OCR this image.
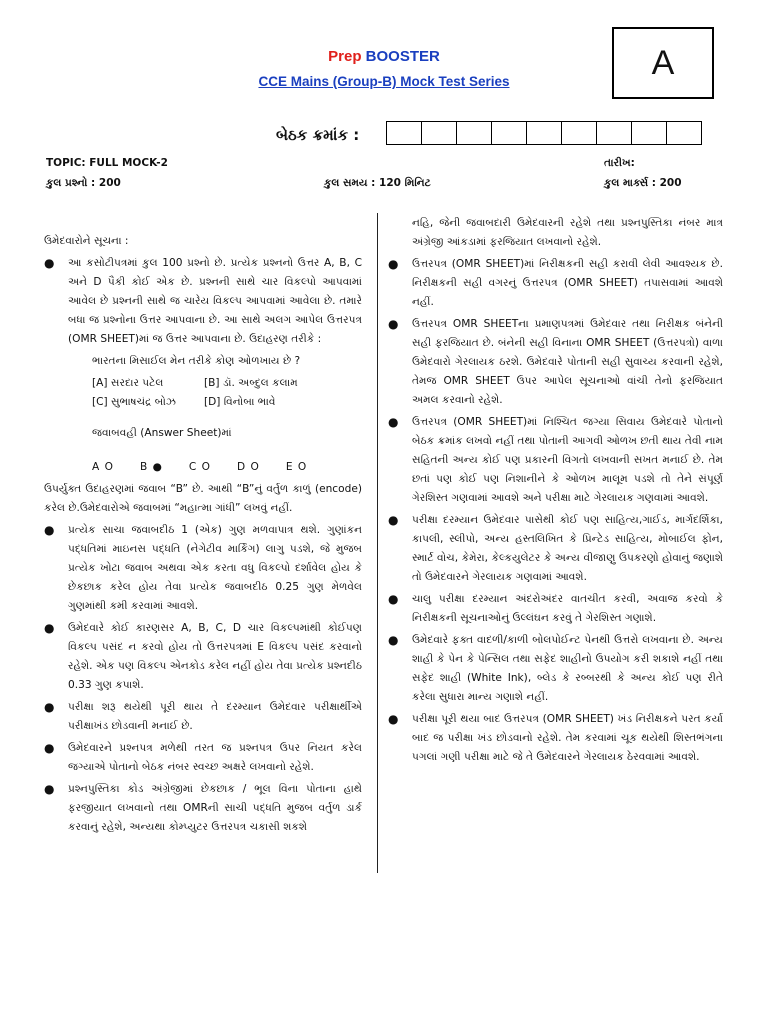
Prep BOOSTER
CCE Mains (Group-B) Mock Test Series	A
બેઠક ક્રમાંક :
TOPIC: FULL MOCK-2	તારીખ:
કુલ પ્રશ્નો : 200	કુલ સમય : 120 મિનિટ	કુલ માર્ક્સ : 200

ઉમેદવારોને સૂચના :

● આ કસોટીપત્રમાં કુલ 100 પ્રશ્નો છે. પ્રત્યેક પ્રશ્નનો ઉત્તર A, B, C અને D પૈકી કોઈ એક છે. પ્રશ્નની સાથે ચાર વિકલ્પો આપવામાં આવેલ છે પ્રશ્નની સાથે જ ચારેય વિકલ્પ આપવામાં આવેલા છે. તમારે બધા જ પ્રશ્નોના ઉત્તર આપવાના છે. આ સાથે અલગ આપેલ ઉત્તરપત્ર (OMR SHEET)માં જ ઉત્તર આપવાના છે. ઉદાહરણ તરીકે :

ભારતના મિસાઈલ મેન તરીકે કોણ ઓળખાય છે ?

[A] સરદાર પટેલ	[B] ડૉ. અબ્દુલ કલામ
[C] સુભાષચંદ્ર બોઝ	[D] વિનોબા ભાવે

જવાબવહી (Answer Sheet)માં

A O B ● C O D O E O

ઉપર્યુક્ત ઉદાહરણમાં જવાબ “B” છે. આથી “B”નું વર્તુળ કાળું (encode) કરેલ છે.ઉમેદવારોએ જવાબમાં “મહાત્મા ગાંધી” લખવું નહીં.

● પ્રત્યેક સાચા જવાબદીઠ 1 (એક) ગુણ મળવાપાત્ર થશે. ગુણાંકન પદ્ધતિમાં માઇનસ પદ્ધતિ (નેગેટીવ માર્કિંગ) લાગુ પડશે, જે મુજબ પ્રત્યેક ખોટા જવાબ અથવા એક કરતા વધુ વિકલ્પો દર્શાવેલ હોય કે છેકછાક કરેલ હોય તેવા પ્રત્યેક જવાબદીઠ 0.25 ગુણ મેળવેલ ગુણમાંથી કમી કરવામાં આવશે.

● ઉમેદવારે કોઈ કારણસર A, B, C, D ચાર વિકલ્પમાંથી કોઈપણ વિકલ્પ પસંદ ન કરવો હોય તો ઉત્તરપત્રમાં E વિકલ્પ પસંદ કરવાનો રહેશે. એક પણ વિકલ્પ એનકોડ કરેલ નહીં હોય તેવા પ્રત્યેક પ્રશ્નદીઠ 0.33 ગુણ કપાશે.

● પરીક્ષા શરૂ થયેથી પૂરી થાય તે દરમ્યાન ઉમેદવાર પરીક્ષાર્થીએ પરીક્ષાખંડ છોડવાની મનાઈ છે.

● ઉમેદવારને પ્રશ્નપત્ર મળેથી તરત જ પ્રશ્નપત્ર ઉપર નિયત કરેલ જગ્યાએ પોતાનો બેઠક નંબર સ્વચ્છ અક્ષરે લખવાનો રહેશે.

● પ્રશ્નપુસ્તિકા કોડ અંગ્રેજીમાં છેકછાક / ભૂલ વિના પોતાના હાથે ફરજીયાત લખવાનો તથા OMRની સાચી પદ્ધતિ મુજબ વર્તુળ ડાર્ક કરવાનું રહેશે, અન્યથા કોમ્પ્યુટર ઉત્તરપત્ર ચકાસી શકશે

નહિ, જેની જવાબદારી ઉમેદવારની રહેશે તથા પ્રશ્નપુસ્તિકા નંબર માત્ર અંગ્રેજી આંકડામાં ફરજિયાત લખવાનો રહેશે.

● ઉત્તરપત્ર (OMR SHEET)માં નિરીક્ષકની સહી કરાવી લેવી આવશ્યક છે. નિરીક્ષકની સહી વગરનું ઉત્તરપત્ર (OMR SHEET) તપાસવામાં આવશે નહીં.

● ઉત્તરપત્ર OMR SHEETના પ્રમાણપત્રમાં ઉમેદવાર તથા નિરીક્ષક બંનેની સહી ફરજિયાત છે. બંનેની સહી વિનાના OMR SHEET (ઉત્તરપત્રો) વાળા ઉમેદવારો ગેરલાયક ઠરશે. ઉમેદવારે પોતાની સહી સુવાચ્ય કરવાની રહેશે, તેમજ OMR SHEET ઉપર આપેલ સૂચનાઓ વાંચી તેનો ફરજિયાત અમલ કરવાનો રહેશે.

● ઉત્તરપત્ર (OMR SHEET)માં નિશ્ચિત જગ્યા સિવાય ઉમેદવારે પોતાનો બેઠક ક્રમાંક લખવો નહીં તથા પોતાની આગવી ઓળખ છતી થાય તેવી નામ સહિતની અન્ય કોઈ પણ પ્રકારની વિગતો લખવાની સખત મનાઈ છે. તેમ છતાં પણ કોઈ પણ નિશાનીને કે ઓળખ માલૂમ પડશે તો તેને સંપૂર્ણ ગેરશિસ્ત ગણવામાં આવશે અને પરીક્ષા માટે ગેરલાયક ગણવામાં આવશે.

● પરીક્ષા દરમ્યાન ઉમેદવાર પાસેથી કોઈ પણ સાહિત્ય,ગાઈડ, માર્ગદર્શિકા, કાપલી, સ્લીપો, અન્ય હસ્તલિખિત કે પ્રિન્ટેડ સાહિત્ય, મોબાઈલ ફોન, સ્માર્ટ વોચ, કેમેરા, કેલ્કયુલેટર કે અન્ય વીજાણુ ઉપકરણો હોવાનું જણાશે તો ઉમેદવારને ગેરલાયક ગણવામાં આવશે.

● ચાલુ પરીક્ષા દરમ્યાન અંદરોઅંદર વાતચીત કરવી, અવાજ કરવો કે નિરીક્ષકની સૂચનાઓનું ઉલ્લંઘન કરવું તે ગેરશિસ્ત ગણાશે.

● ઉમેદવારે ફક્ત વાદળી/કાળી બોલપોઈન્ટ પેનથી ઉત્તરો લખવાના છે. અન્ય શાહી કે પેન કે પેન્સિલ તથા સફેદ શાહીનો ઉપયોગ કરી શકાશે નહીં તથા સફેદ શાહી (White Ink), બ્લેડ કે રબ્બરથી કે અન્ય કોઈ પણ રીતે કરેલા સુધારા માન્ય ગણાશે નહીં.

● પરીક્ષા પૂરી થયા બાદ ઉત્તરપત્ર (OMR SHEET) ખંડ નિરીક્ષકને પરત કર્યા બાદ જ પરીક્ષા ખંડ છોડવાનો રહેશે. તેમ કરવામાં ચૂક થયેથી શિસ્તભંગના પગલાં ગણી પરીક્ષા માટે જે તે ઉમેદવારને ગેરલાયક ઠેરવવામાં આવશે.
